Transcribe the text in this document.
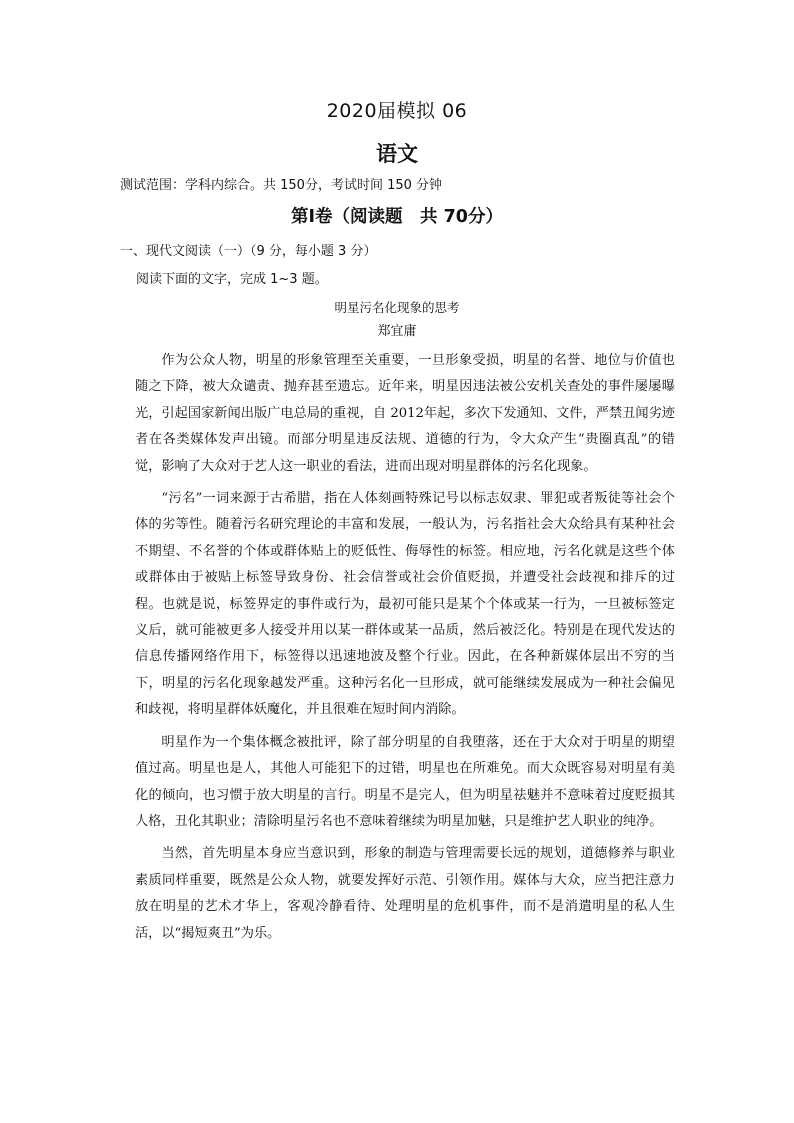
2020届模拟 06
语文
测试范围：学科内综合。共 150分，考试时间 150 分钟
第Ⅰ卷（阅读题　共 70分）
一、现代文阅读（一）（9 分，每小题 3 分）
阅读下面的文字，完成 1~3 题。
明星污名化现象的思考
郑宜庸

作为公众人物，明星的形象管理至关重要，一旦形象受损，明星的名誉、地位与价值也随之下降，被大众谴责、抛弃甚至遗忘。近年来，明星因违法被公安机关查处的事件屡屡曝光，引起国家新闻出版广电总局的重视，自 2012年起，多次下发通知、文件，严禁丑闻劣迹者在各类媒体发声出镜。而部分明星违反法规、道德的行为，令大众产生“贵圈真乱”的错觉，影响了大众对于艺人这一职业的看法，进而出现对明星群体的污名化现象。

“污名”一词来源于古希腊，指在人体刻画特殊记号以标志奴隶、罪犯或者叛徒等社会个体的劣等性。随着污名研究理论的丰富和发展，一般认为，污名指社会大众给具有某种社会不期望、不名誉的个体或群体贴上的贬低性、侮辱性的标签。相应地，污名化就是这些个体或群体由于被贴上标签导致身份、社会信誉或社会价值贬损，并遭受社会歧视和排斥的过程。也就是说，标签界定的事件或行为，最初可能只是某个个体或某一行为，一旦被标签定义后，就可能被更多人接受并用以某一群体或某一品质，然后被泛化。特别是在现代发达的信息传播网络作用下，标签得以迅速地波及整个行业。因此，在各种新媒体层出不穷的当下，明星的污名化现象越发严重。这种污名化一旦形成，就可能继续发展成为一种社会偏见和歧视，将明星群体妖魔化，并且很难在短时间内消除。

明星作为一个集体概念被批评，除了部分明星的自我堕落，还在于大众对于明星的期望值过高。明星也是人，其他人可能犯下的过错，明星也在所难免。而大众既容易对明星有美化的倾向，也习惯于放大明星的言行。明星不是完人，但为明星祛魅并不意味着过度贬损其人格，丑化其职业；清除明星污名也不意味着继续为明星加魅，只是维护艺人职业的纯净。

当然，首先明星本身应当意识到，形象的制造与管理需要长远的规划，道德修养与职业素质同样重要，既然是公众人物，就要发挥好示范、引领作用。媒体与大众，应当把注意力放在明星的艺术才华上，客观冷静看待、处理明星的危机事件，而不是消遣明星的私人生活，以“揭短爽丑”为乐。
